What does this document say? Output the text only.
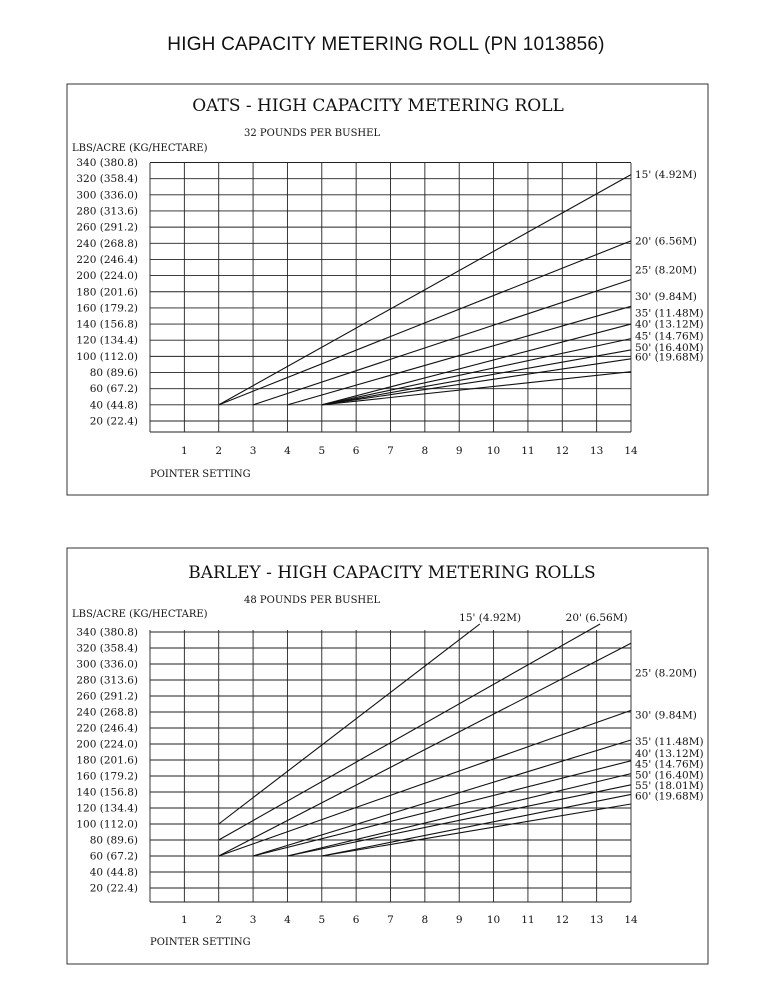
HIGH CAPACITY METERING ROLL (PN 1013856)
OATS - HIGH CAPACITY METERING ROLL
32 POUNDS PER BUSHEL
LBS/ACRE (KG/HECTARE)
POINTER SETTING
20 (22.4)
40 (44.8)
60 (67.2)
80 (89.6)
100 (112.0)
120 (134.4)
140 (156.8)
160 (179.2)
180 (201.6)
200 (224.0)
220 (246.4)
240 (268.8)
260 (291.2)
280 (313.6)
300 (336.0)
320 (358.4)
340 (380.8)
1	2	3	4	5	6	7	8	9 10 11 12 13 14
15' (4.92M)
20' (6.56M)
25' (8.20M)
30' (9.84M)
35' (11.48M)
40' (13.12M)
45' (14.76M)
50' (16.40M)
60' (19.68M)
BARLEY - HIGH CAPACITY METERING ROLLS
48 POUNDS PER BUSHEL
LBS/ACRE (KG/HECTARE)
POINTER SETTING
20 (22.4)
40 (44.8)
60 (67.2)
80 (89.6)
100 (112.0)
120 (134.4)
140 (156.8)
160 (179.2)
180 (201.6)
200 (224.0)
220 (246.4)
240 (268.8)
260 (291.2)
280 (313.6)
300 (336.0)
320 (358.4)
340 (380.8)
1	2	3	4	5	6	7	8	9 10 11 12 13 14
25' (8.20M)
30' (9.84M)
35' (11.48M)
40' (13.12M)
45' (14.76M)
50' (16.40M)
55' (18.01M)
60' (19.68M)
15' (4.92M)	20' (6.56M)
